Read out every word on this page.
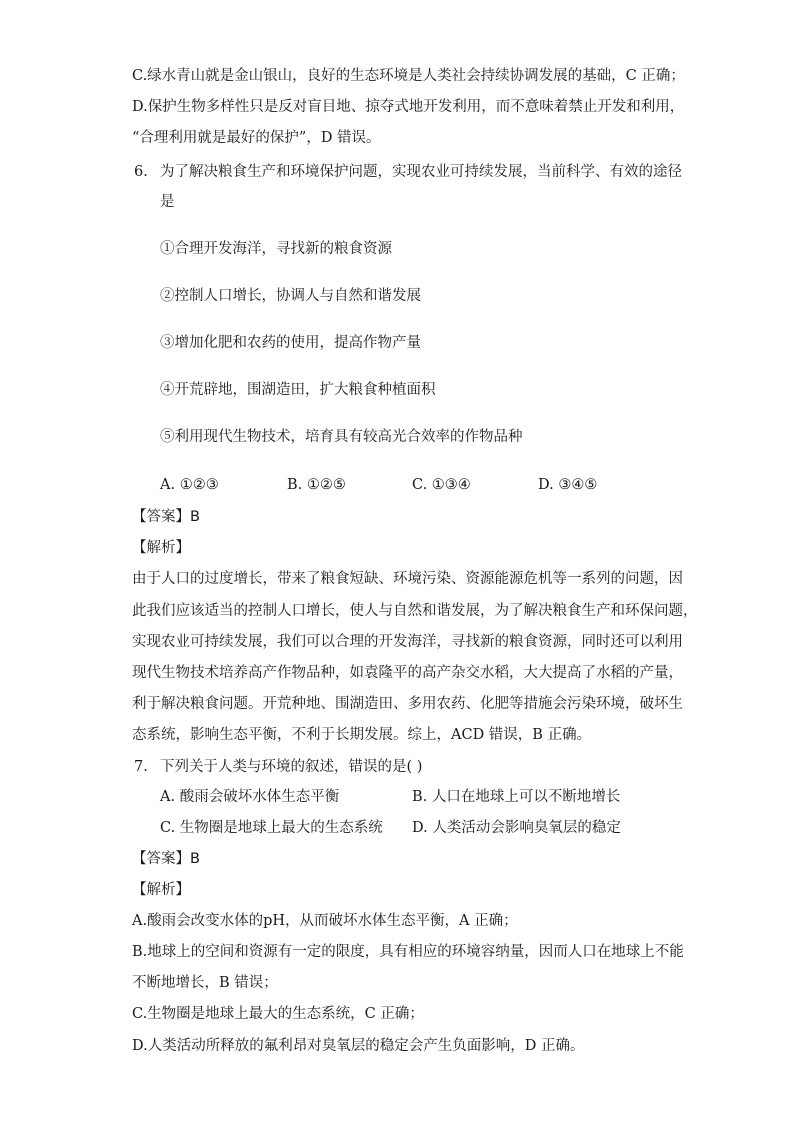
C.绿水青山就是金山银山，良好的生态环境是人类社会持续协调发展的基础，C 正确；
D.保护生物多样性只是反对盲目地、掠夺式地开发利用，而不意味着禁止开发和利用，
“合理利用就是最好的保护”，D 错误。
6. 为了解决粮食生产和环境保护问题，实现农业可持续发展，当前科学、有效的途径
是
①合理开发海洋，寻找新的粮食资源
②控制人口增长，协调人与自然和谐发展
③增加化肥和农药的使用，提高作物产量
④开荒辟地，围湖造田，扩大粮食种植面积
⑤利用现代生物技术，培育具有较高光合效率的作物品种
A. ①②③	B. ①②⑤	C. ①③④	D. ③④⑤
【答案】B
【解析】
由于人口的过度增长，带来了粮食短缺、环境污染、资源能源危机等一系列的问题，因
此我们应该适当的控制人口增长，使人与自然和谐发展，为了解决粮食生产和环保问题，
实现农业可持续发展，我们可以合理的开发海洋，寻找新的粮食资源，同时还可以利用
现代生物技术培养高产作物品种，如袁隆平的高产杂交水稻，大大提高了水稻的产量，
利于解决粮食问题。开荒种地、围湖造田、多用农药、化肥等措施会污染环境，破坏生
态系统，影响生态平衡，不利于长期发展。综上，ACD 错误，B 正确。
7. 下列关于人类与环境的叙述，错误的是( )
A. 酸雨会破坏水体生态平衡	B. 人口在地球上可以不断地增长
C. 生物圈是地球上最大的生态系统 D. 人类活动会影响臭氧层的稳定
【答案】B
【解析】
A.酸雨会改变水体的pH，从而破坏水体生态平衡，A 正确；
B.地球上的空间和资源有一定的限度，具有相应的环境容纳量，因而人口在地球上不能
不断地增长，B 错误；
C.生物圈是地球上最大的生态系统，C 正确；
D.人类活动所释放的氟利昂对臭氧层的稳定会产生负面影响，D 正确。
